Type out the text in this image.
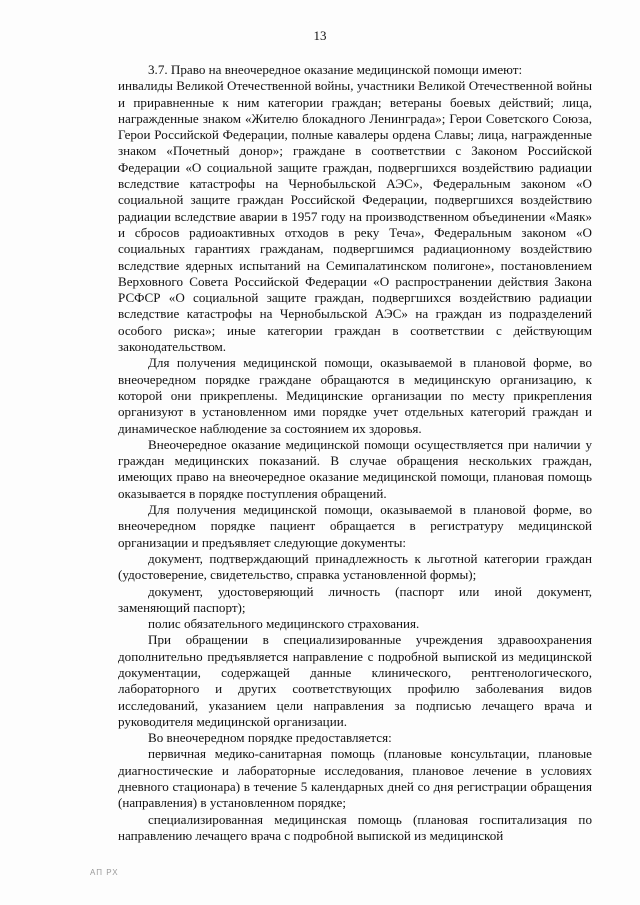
13

3.7. Право на внеочередное оказание медицинской помощи имеют:

инвалиды Великой Отечественной войны, участники Великой Отечественной войны и приравненные к ним категории граждан; ветераны боевых действий; лица, награжденные знаком «Жителю блокадного Ленинграда»; Герои Советского Союза, Герои Российской Федерации, полные кавалеры ордена Славы; лица, награжденные знаком «Почетный донор»; граждане в соответствии с Законом Российской Федерации «О социальной защите граждан, подвергшихся воздействию радиации вследствие катастрофы на Чернобыльской АЭС», Федеральным законом «О социальной защите граждан Российской Федерации, подвергшихся воздействию радиации вследствие аварии в 1957 году на производственном объединении «Маяк» и сбросов радиоактивных отходов в реку Теча», Федеральным законом «О социальных гарантиях гражданам, подвергшимся радиационному воздействию вследствие ядерных испытаний на Семипалатинском полигоне», постановлением Верховного Совета Российской Федерации «О распространении действия Закона РСФСР «О социальной защите граждан, подвергшихся воздействию радиации вследствие катастрофы на Чернобыльской АЭС» на граждан из подразделений особого риска»; иные категории граждан в соответствии с действующим законодательством.

Для получения медицинской помощи, оказываемой в плановой форме, во внеочередном порядке граждане обращаются в медицинскую организацию, к которой они прикреплены. Медицинские организации по месту прикрепления организуют в установленном ими порядке учет отдельных категорий граждан и динамическое наблюдение за состоянием их здоровья.

Внеочередное оказание медицинской помощи осуществляется при наличии у граждан медицинских показаний. В случае обращения нескольких граждан, имеющих право на внеочередное оказание медицинской помощи, плановая помощь оказывается в порядке поступления обращений.

Для получения медицинской помощи, оказываемой в плановой форме, во внеочередном порядке пациент обращается в регистратуру медицинской организации и предъявляет следующие документы:

документ, подтверждающий принадлежность к льготной категории граждан (удостоверение, свидетельство, справка установленной формы);

документ, удостоверяющий личность (паспорт или иной документ, заменяющий паспорт);

полис обязательного медицинского страхования.

При обращении в специализированные учреждения здравоохранения дополнительно предъявляется направление с подробной выпиской из медицинской документации, содержащей данные клинического, рентгенологического, лабораторного и других соответствующих профилю заболевания видов исследований, указанием цели направления за подписью лечащего врача и руководителя медицинской организации.

Во внеочередном порядке предоставляется:

первичная медико-санитарная помощь (плановые консультации, плановые диагностические и лабораторные исследования, плановое лечение в условиях дневного стационара) в течение 5 календарных дней со дня регистрации обращения (направления) в установленном порядке;

специализированная медицинская помощь (плановая госпитализация по направлению лечащего врача с подробной выпиской из медицинской

АП РХ
